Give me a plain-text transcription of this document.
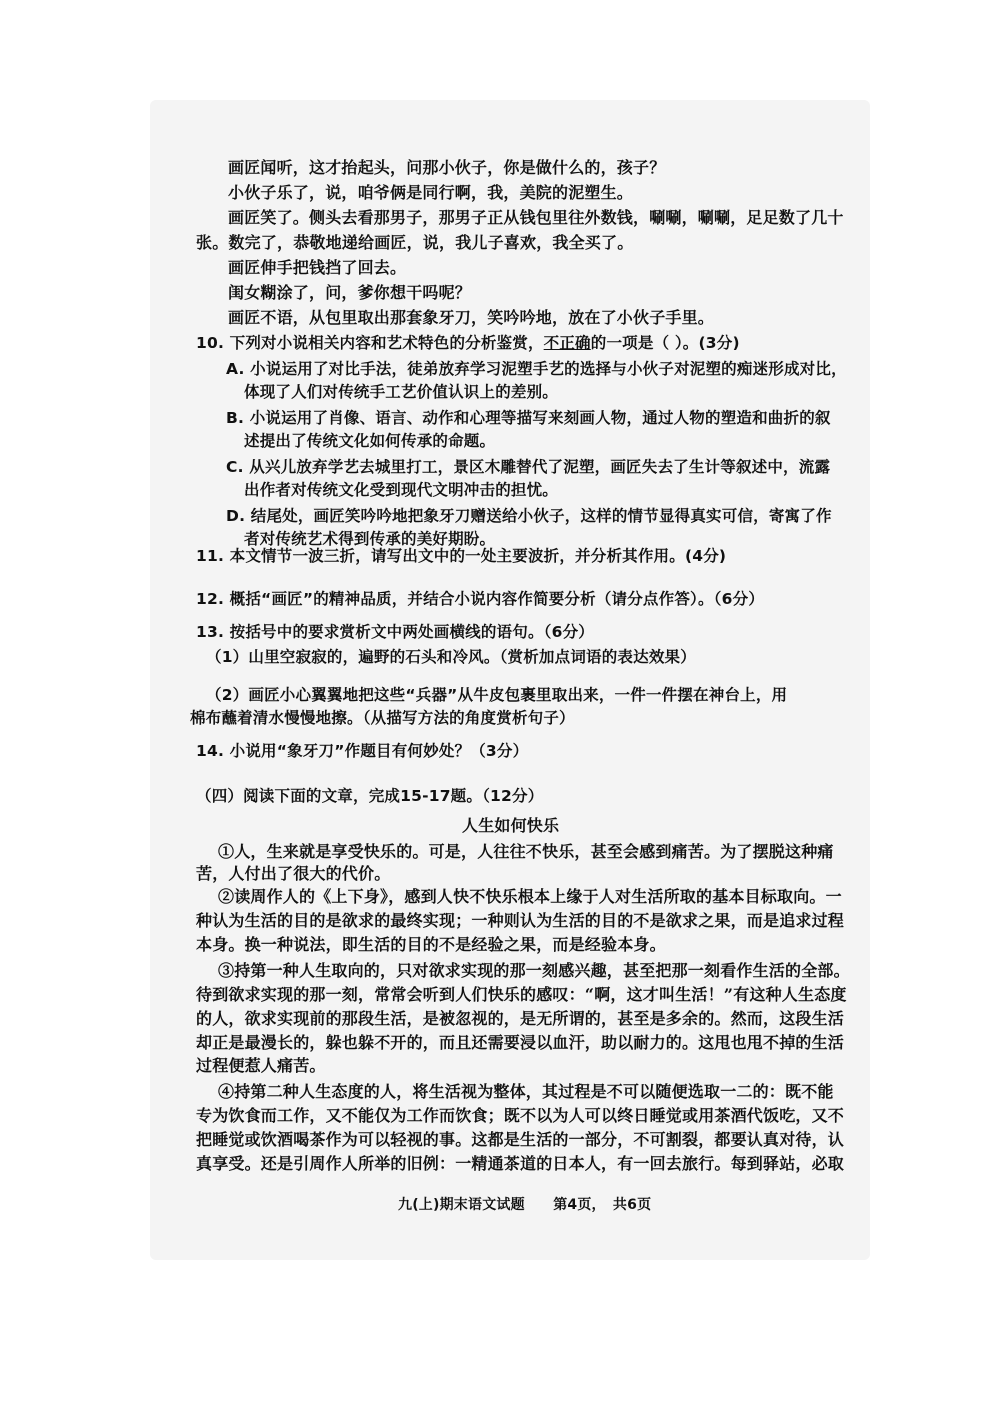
画匠闻听，这才抬起头，问那小伙子，你是做什么的，孩子？
小伙子乐了，说，咱爷俩是同行啊，我，美院的泥塑生。
画匠笑了。侧头去看那男子，那男子正从钱包里往外数钱，唰唰，唰唰，足足数了几十
张。数完了，恭敬地递给画匠，说，我儿子喜欢，我全买了。
画匠伸手把钱挡了回去。
闺女糊涂了，问，爹你想干吗呢？
画匠不语，从包里取出那套象牙刀，笑吟吟地，放在了小伙子手里。
10. 下列对小说相关内容和艺术特色的分析鉴赏，不正确的一项是（ ）。(3分)
A. 小说运用了对比手法，徒弟放弃学习泥塑手艺的选择与小伙子对泥塑的痴迷形成对比，
体现了人们对传统手工艺价值认识上的差别。
B. 小说运用了肖像、语言、动作和心理等描写来刻画人物，通过人物的塑造和曲折的叙
述提出了传统文化如何传承的命题。
C. 从兴儿放弃学艺去城里打工，景区木雕替代了泥塑，画匠失去了生计等叙述中，流露
出作者对传统文化受到现代文明冲击的担忧。
D. 结尾处，画匠笑吟吟地把象牙刀赠送给小伙子，这样的情节显得真实可信，寄寓了作
者对传统艺术得到传承的美好期盼。
11. 本文情节一波三折，请写出文中的一处主要波折，并分析其作用。(4分)
12. 概括“画匠”的精神品质，并结合小说内容作简要分析（请分点作答）。（6分）
13. 按括号中的要求赏析文中两处画横线的语句。（6分）
（1）山里空寂寂的，遍野的石头和冷风。（赏析加点词语的表达效果）
（2）画匠小心翼翼地把这些“兵器”从牛皮包裹里取出来，一件一件摆在神台上，用
棉布蘸着清水慢慢地擦。（从描写方法的角度赏析句子）
14. 小说用“象牙刀”作题目有何妙处？（3分）
（四）阅读下面的文章，完成15-17题。（12分）
人生如何快乐
①人，生来就是享受快乐的。可是，人往往不快乐，甚至会感到痛苦。为了摆脱这种痛
苦，人付出了很大的代价。
②读周作人的《上下身》，感到人快不快乐根本上缘于人对生活所取的基本目标取向。一
种认为生活的目的是欲求的最终实现；一种则认为生活的目的不是欲求之果，而是追求过程
本身。换一种说法，即生活的目的不是经验之果，而是经验本身。
③持第一种人生取向的，只对欲求实现的那一刻感兴趣，甚至把那一刻看作生活的全部。
待到欲求实现的那一刻，常常会听到人们快乐的感叹：“啊，这才叫生活！”有这种人生态度
的人，欲求实现前的那段生活，是被忽视的，是无所谓的，甚至是多余的。然而，这段生活
却正是最漫长的，躲也躲不开的，而且还需要浸以血汗，助以耐力的。这甩也甩不掉的生活
过程便惹人痛苦。
④持第二种人生态度的人，将生活视为整体，其过程是不可以随便选取一二的：既不能
专为饮食而工作，又不能仅为工作而饮食；既不以为人可以终日睡觉或用茶酒代饭吃，又不
把睡觉或饮酒喝茶作为可以轻视的事。这都是生活的一部分，不可割裂，都要认真对待，认
真享受。还是引周作人所举的旧例：一精通茶道的日本人，有一回去旅行。每到驿站，必取
九(上)期末语文试题　　第4页，　共6页
